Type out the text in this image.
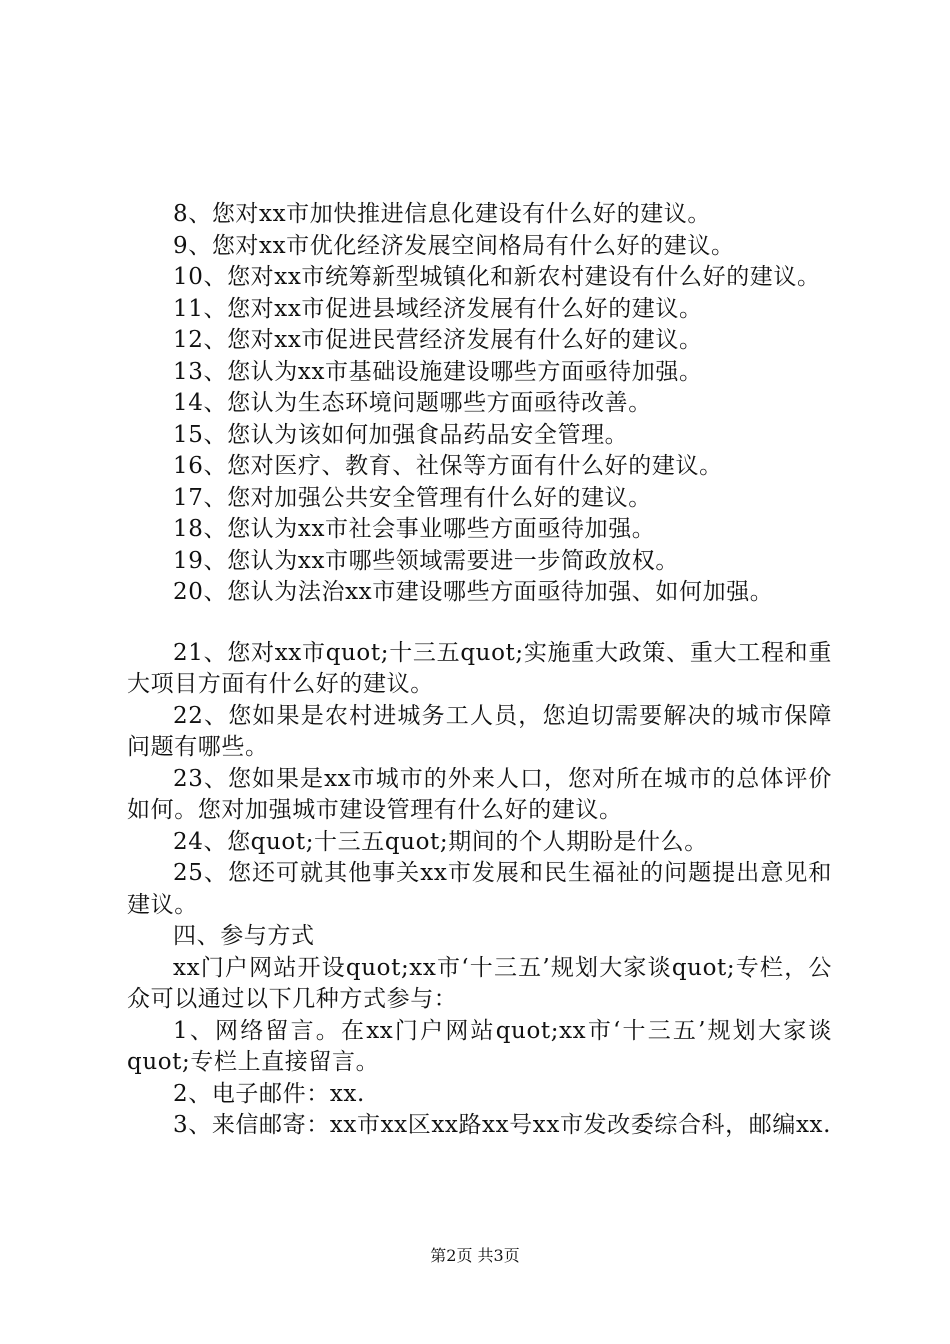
8、您对xx市加快推进信息化建设有什么好的建议。

9、您对xx市优化经济发展空间格局有什么好的建议。

10、您对xx市统筹新型城镇化和新农村建设有什么好的建议。

11、您对xx市促进县域经济发展有什么好的建议。

12、您对xx市促进民营经济发展有什么好的建议。

13、您认为xx市基础设施建设哪些方面亟待加强。

14、您认为生态环境问题哪些方面亟待改善。

15、您认为该如何加强食品药品安全管理。

16、您对医疗、教育、社保等方面有什么好的建议。

17、您对加强公共安全管理有什么好的建议。

18、您认为xx市社会事业哪些方面亟待加强。

19、您认为xx市哪些领域需要进一步简政放权。

20、您认为法治xx市建设哪些方面亟待加强、如何加强。

21、您对xx市quot;十三五quot;实施重大政策、重大工程和重大项目方面有什么好的建议。

22、您如果是农村进城务工人员，您迫切需要解决的城市保障问题有哪些。

23、您如果是xx市城市的外来人口，您对所在城市的总体评价如何。您对加强城市建设管理有什么好的建议。

24、您quot;十三五quot;期间的个人期盼是什么。

25、您还可就其他事关xx市发展和民生福祉的问题提出意见和建议。

四、参与方式

xx门户网站开设quot;xx市‘十三五’规划大家谈quot;专栏，公众可以通过以下几种方式参与：

1、网络留言。在xx门户网站quot;xx市‘十三五’规划大家谈quot;专栏上直接留言。

2、电子邮件：xx.

3、来信邮寄：xx市xx区xx路xx号xx市发改委综合科，邮编xx.

第2页 共3页
